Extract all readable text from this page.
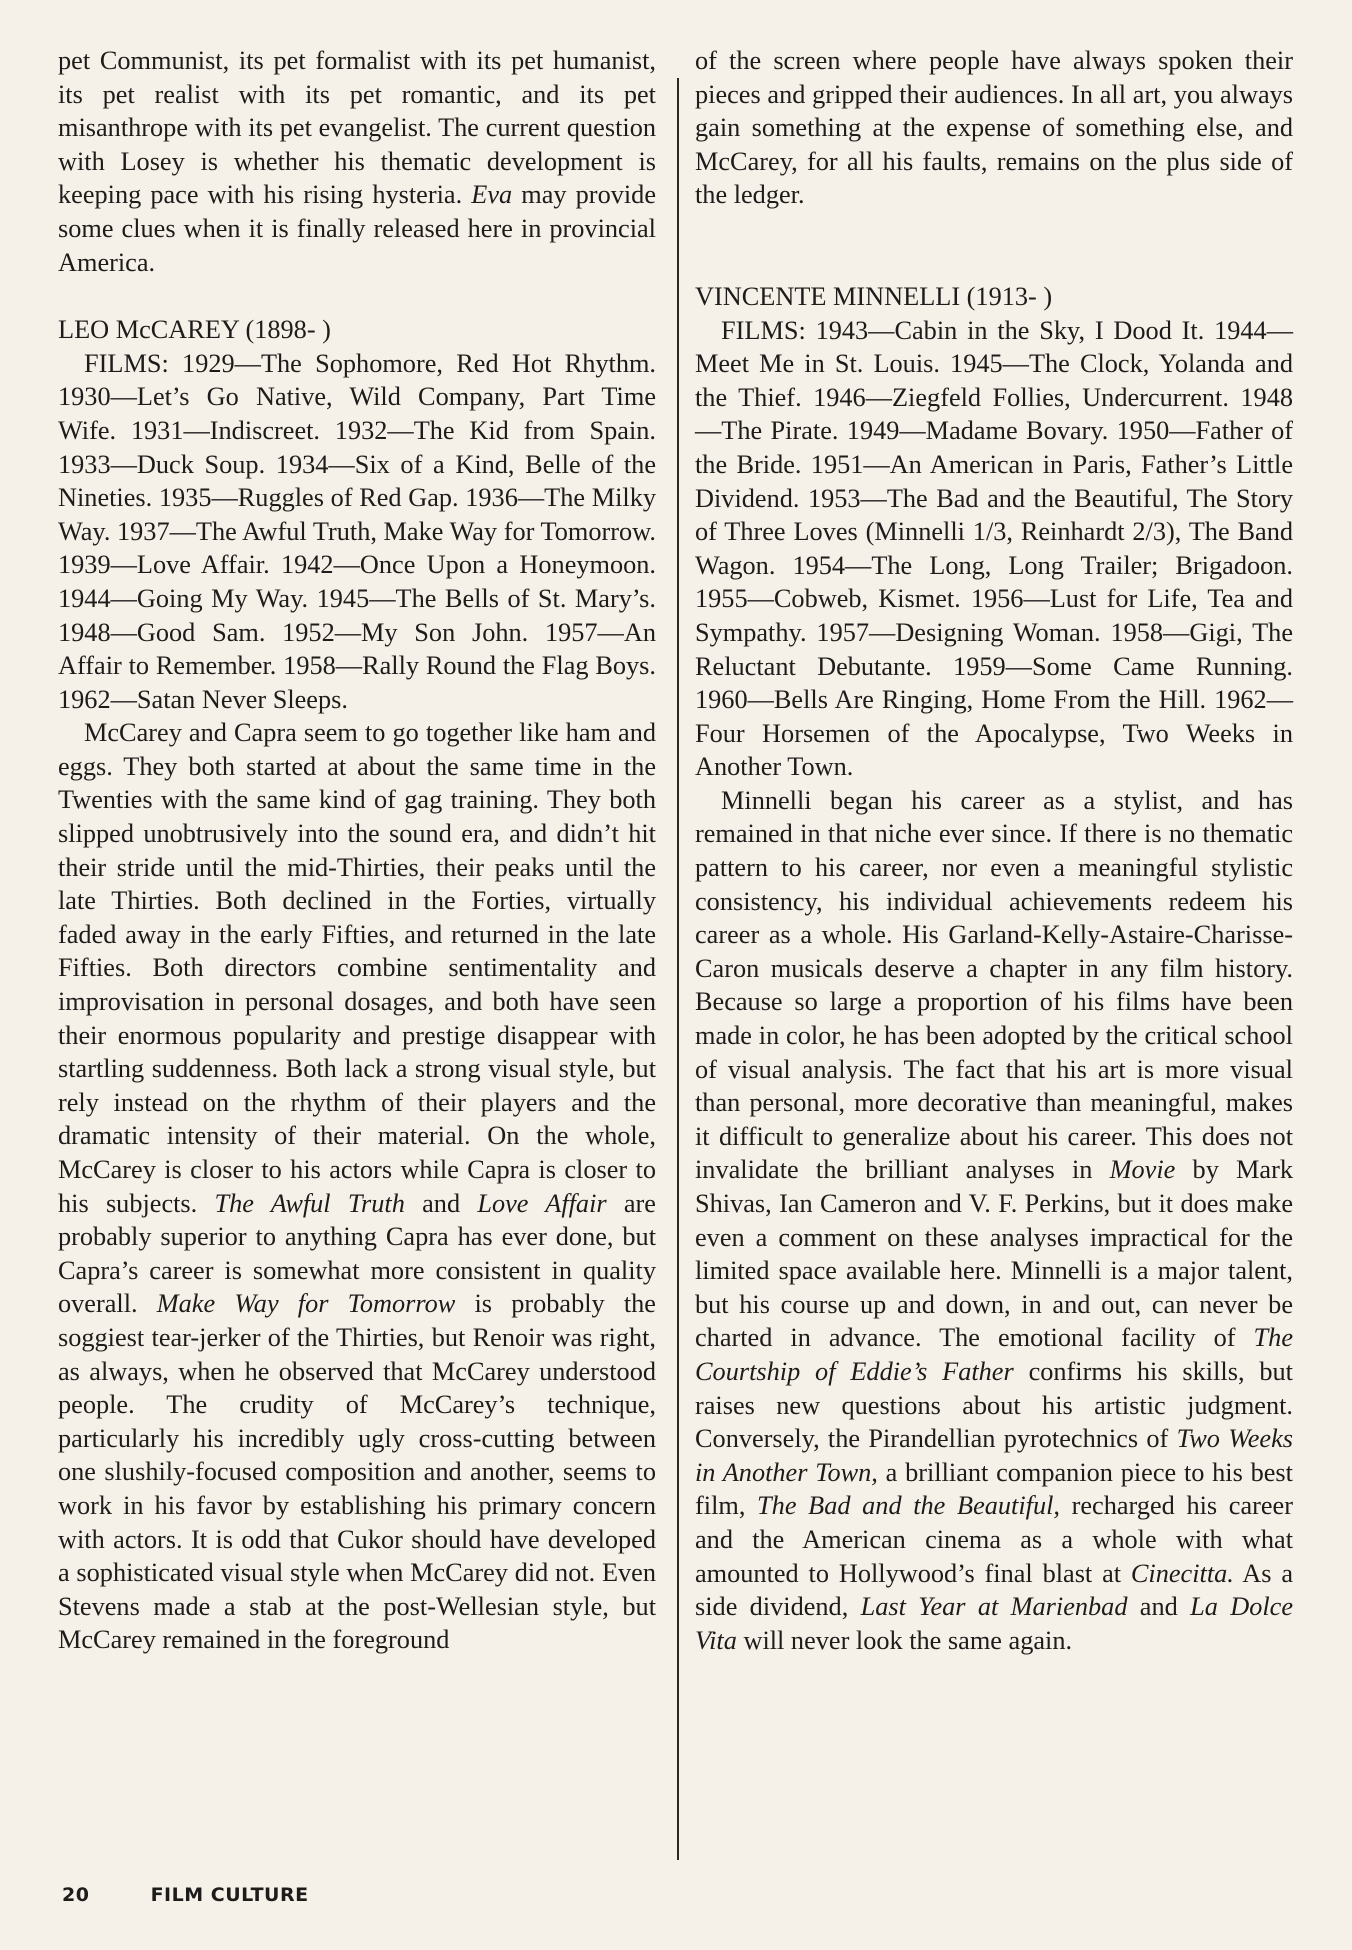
pet Communist, its pet formalist with its pet humanist, its pet realist with its pet romantic, and its pet misanthrope with its pet evangelist. The current question with Losey is whether his thematic development is keeping pace with his rising hysteria. Eva may provide some clues when it is finally released here in provincial America.

LEO McCAREY (1898- )

FILMS: 1929—The Sophomore, Red Hot Rhythm. 1930—Let’s Go Native, Wild Company, Part Time Wife. 1931—Indiscreet. 1932—The Kid from Spain. 1933—Duck Soup. 1934—Six of a Kind, Belle of the Nineties. 1935—Ruggles of Red Gap. 1936—The Milky Way. 1937—The Awful Truth, Make Way for Tomorrow. 1939—Love Affair. 1942—Once Upon a Honeymoon. 1944—Going My Way. 1945—The Bells of St. Mary’s. 1948—Good Sam. 1952—My Son John. 1957—An Affair to Remember. 1958—Rally Round the Flag Boys. 1962—Satan Never Sleeps.

McCarey and Capra seem to go together like ham and eggs. They both started at about the same time in the Twenties with the same kind of gag training. They both slipped unobtrusively into the sound era, and didn’t hit their stride until the mid-Thirties, their peaks until the late Thirties. Both declined in the Forties, virtually faded away in the early Fifties, and returned in the late Fifties. Both directors combine sentimentality and improvisation in personal dosages, and both have seen their enormous popularity and prestige disappear with startling suddenness. Both lack a strong visual style, but rely instead on the rhythm of their players and the dramatic intensity of their material. On the whole, McCarey is closer to his actors while Capra is closer to his subjects. The Awful Truth and Love Affair are probably superior to anything Capra has ever done, but Capra’s career is somewhat more consistent in quality overall. Make Way for Tomorrow is probably the soggiest tear-jerker of the Thirties, but Renoir was right, as always, when he observed that McCarey understood people. The crudity of McCarey’s technique, particularly his incredibly ugly cross-cutting between one slushily-focused composition and another, seems to work in his favor by establishing his primary concern with actors. It is odd that Cukor should have developed a sophisticated visual style when McCarey did not. Even Stevens made a stab at the post-Wellesian style, but McCarey remained in the foreground

of the screen where people have always spoken their pieces and gripped their audiences. In all art, you always gain something at the expense of something else, and McCarey, for all his faults, remains on the plus side of the ledger.

VINCENTE MINNELLI (1913- )

FILMS: 1943—Cabin in the Sky, I Dood It. 1944—Meet Me in St. Louis. 1945—The Clock, Yolanda and the Thief. 1946—Ziegfeld Follies, Undercurrent. 1948—The Pirate. 1949—Madame Bovary. 1950—Father of the Bride. 1951—An American in Paris, Father’s Little Dividend. 1953—The Bad and the Beautiful, The Story of Three Loves (Minnelli 1/3, Reinhardt 2/3), The Band Wagon. 1954—The Long, Long Trailer; Brigadoon. 1955—Cobweb, Kismet. 1956—Lust for Life, Tea and Sympathy. 1957—Designing Woman. 1958—Gigi, The Reluctant Debutante. 1959—Some Came Running. 1960—Bells Are Ringing, Home From the Hill. 1962—Four Horsemen of the Apocalypse, Two Weeks in Another Town.

Minnelli began his career as a stylist, and has remained in that niche ever since. If there is no thematic pattern to his career, nor even a meaningful stylistic consistency, his individual achievements redeem his career as a whole. His Garland-Kelly-Astaire-Charisse-Caron musicals deserve a chapter in any film history. Because so large a proportion of his films have been made in color, he has been adopted by the critical school of visual analysis. The fact that his art is more visual than personal, more decorative than meaningful, makes it difficult to generalize about his career. This does not invalidate the brilliant analyses in Movie by Mark Shivas, Ian Cameron and V. F. Perkins, but it does make even a comment on these analyses impractical for the limited space available here. Minnelli is a major talent, but his course up and down, in and out, can never be charted in advance. The emotional facility of The Courtship of Eddie’s Father confirms his skills, but raises new questions about his artistic judgment. Conversely, the Pirandellian pyrotechnics of Two Weeks in Another Town, a brilliant companion piece to his best film, The Bad and the Beautiful, recharged his career and the American cinema as a whole with what amounted to Hollywood’s final blast at Cinecitta. As a side dividend, Last Year at Marienbad and La Dolce Vita will never look the same again.

20	FILM CULTURE
